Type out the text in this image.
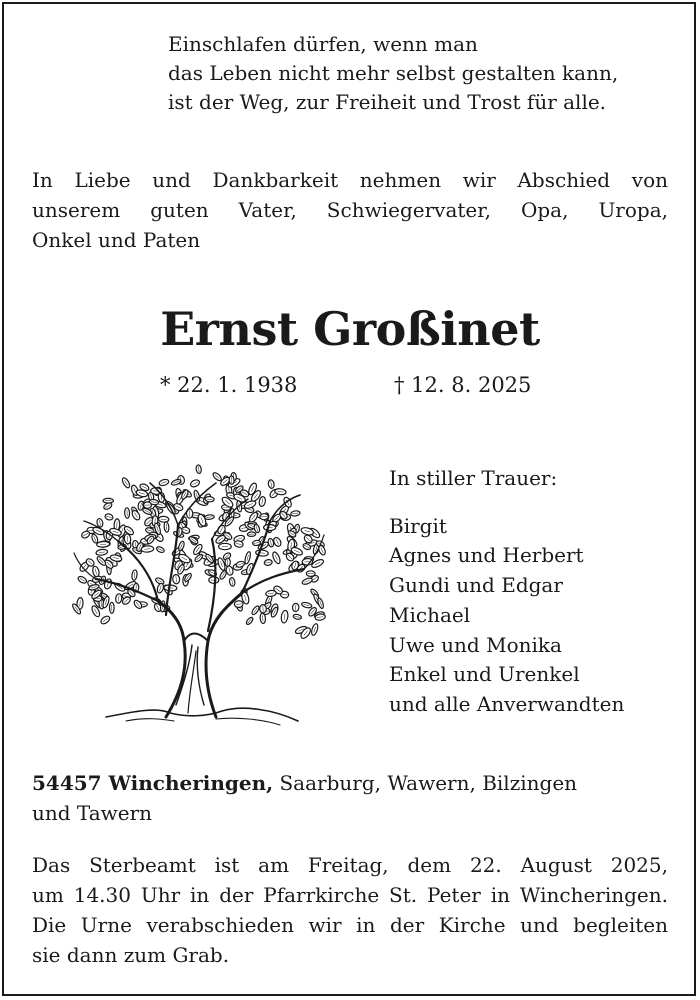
Einschlafen dürfen, wenn man
das Leben nicht mehr selbst gestalten kann,
ist der Weg, zur Freiheit und Trost für alle.
In Liebe und Dankbarkeit nehmen wir Abschied von
unserem guten Vater, Schwiegervater, Opa, Uropa,
Onkel und Paten
Ernst Großinet
* 22. 1. 1938	† 12. 8. 2025
In stiller Trauer:
Birgit
Agnes und Herbert
Gundi und Edgar
Michael
Uwe und Monika
Enkel und Urenkel
und alle Anverwandten
54457 Wincheringen, Saarburg, Wawern, Bilzingen
und Tawern
Das Sterbeamt ist am Freitag, dem 22. August 2025,
um 14.30 Uhr in der Pfarrkirche St. Peter in Wincheringen.
Die Urne verabschieden wir in der Kirche und begleiten
sie dann zum Grab.
